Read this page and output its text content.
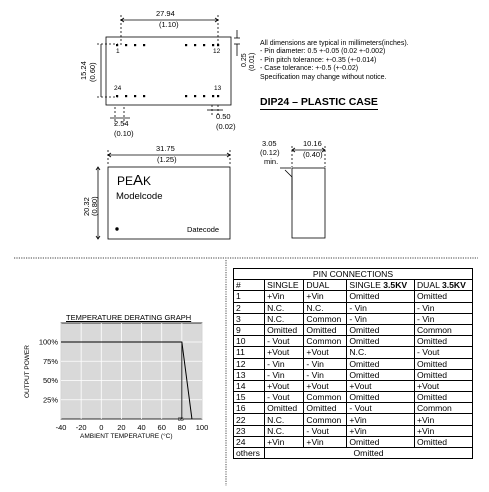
27.94
(1.10)
15.24 (0.60)
0.25 (0.01)
1	12
24	13
2.54
(0.10)
0.50
(0.02)
All dimensions are typical in millimeters(inches).
- Pin diameter: 0.5 +-0.05 (0.02 +-0.002)
- Pin pitch tolerance: +-0.35 (+-0.014)
- Case tolerance: +-0.5 (+-0.02)
Specification may change without notice.
DIP24 – PLASTIC CASE
31.75
(1.25)
20.32 (0.80)
PEAK
Modelcode
Datecode
3.05
(0.12)
min.
10.16
(0.40)
TEMPERATURE DERATING GRAPH
OUTPUT POWER
AMBIENT TEMPERATURE (°C)
100%
75%
50%
25%
-40 -20 0 20 40 60 80 100
85
PIN CONNECTIONS				
#	SINGLE	DUAL	SINGLE 3.5KV	DUAL 3.5KV
1	+Vin	+Vin	Omitted	Omitted
2	N.C.	N.C.	- Vin	- Vin
3	N.C.	Common	- Vin	- Vin
9	Omitted	Omitted	Omitted	Common
10	- Vout	Common	Omitted	Omitted
11	+Vout	+Vout	N.C.	- Vout
12	- Vin	- Vin	Omitted	Omitted
13	- Vin	- Vin	Omitted	Omitted
14	+Vout	+Vout	+Vout	+Vout
15	- Vout	Common	Omitted	Omitted
16	Omitted	Omitted	- Vout	Common
22	N.C.	Common	+Vin	+Vin
23	N.C.	- Vout	+Vin	+Vin
24	+Vin	+Vin	Omitted	Omitted
others	Omitted			
